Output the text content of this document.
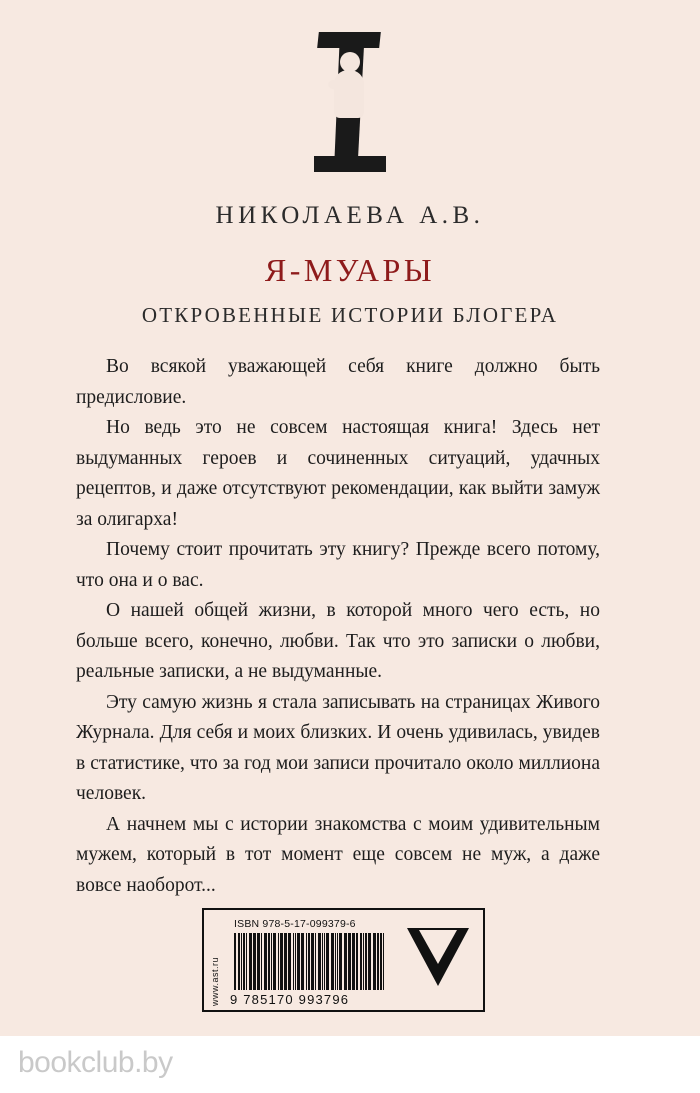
НИКОЛАЕВА А.В.
Я-МУАРЫ
ОТКРОВЕННЫЕ ИСТОРИИ БЛОГЕРА

Во всякой уважающей себя книге должно быть предисловие.

Но ведь это не совсем настоящая книга! Здесь нет выдуманных героев и сочиненных ситуаций, удачных рецептов, и даже отсутствуют рекомендации, как выйти замуж за олигарха!

Почему стоит прочитать эту книгу? Прежде всего потому, что она и о вас.

О нашей общей жизни, в которой много чего есть, но больше всего, конечно, любви. Так что это записки о любви, реальные записки, а не выдуманные.

Эту самую жизнь я стала записывать на страницах Живого Журнала. Для себя и моих близких. И очень удивилась, увидев в статистике, что за год мои записи прочитало около миллиона человек.

А начнем мы с истории знакомства с моим удивительным мужем, который в тот момент еще совсем не муж, а даже вовсе наоборот...

www.ast.ru
ISBN 978-5-17-099379-6
9 785170 993796
bookclub.by
